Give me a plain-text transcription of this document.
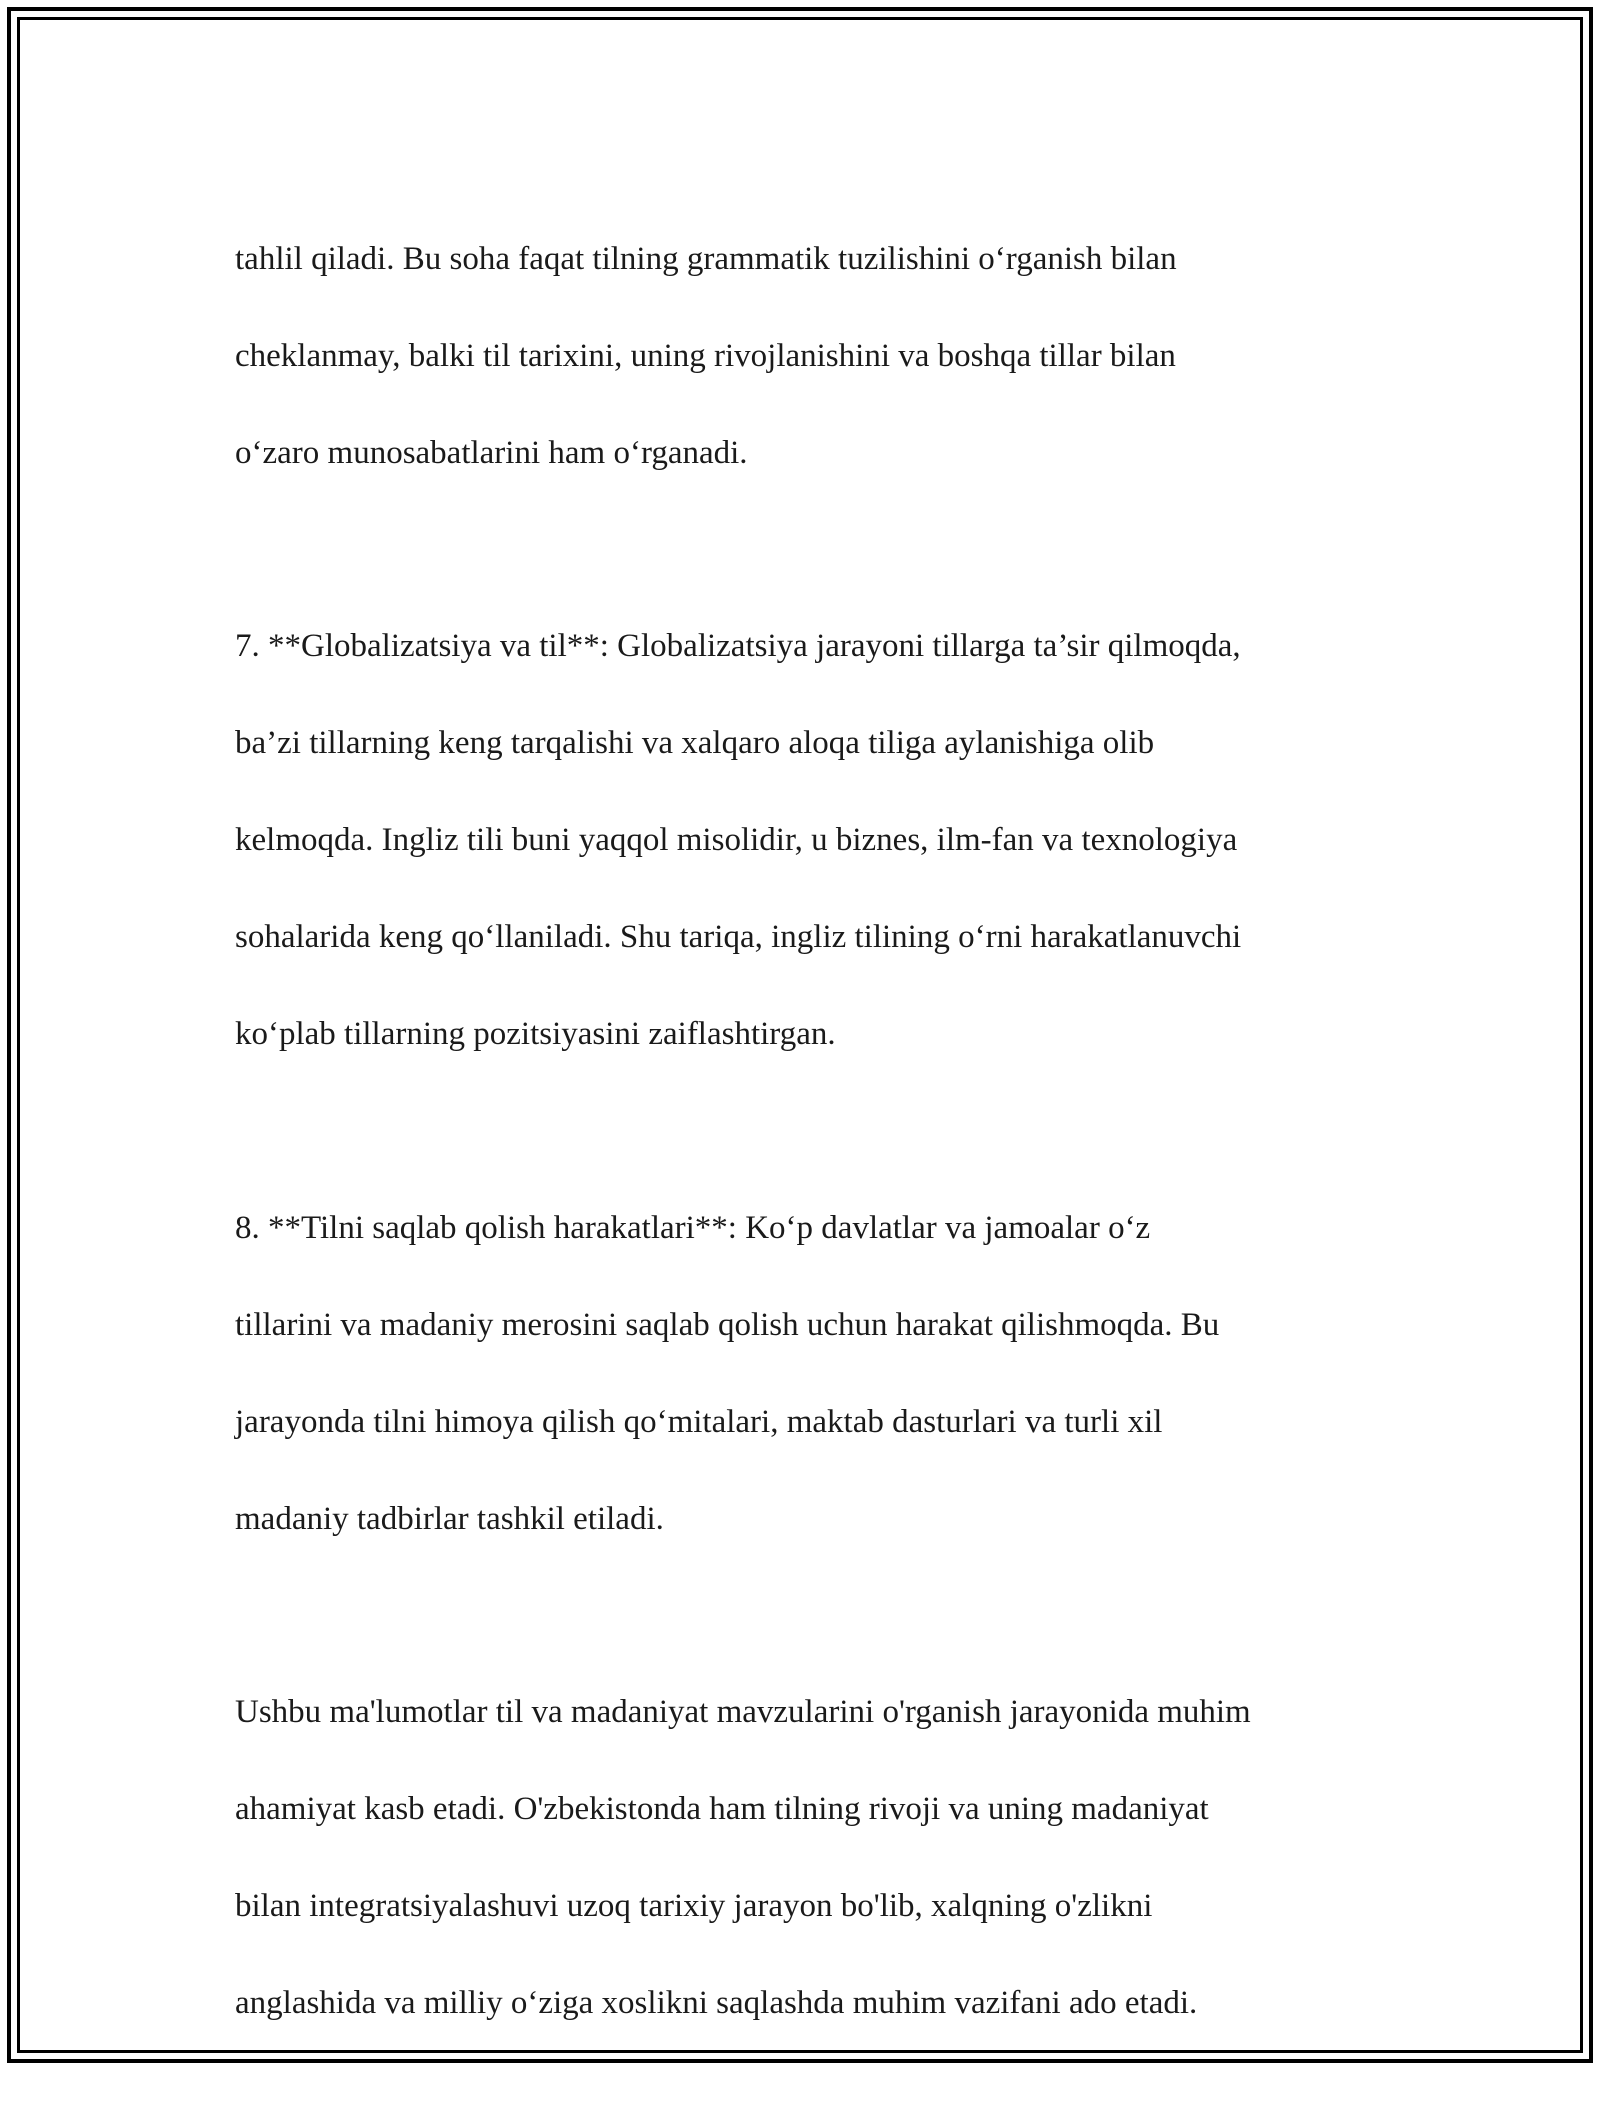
tahlil qiladi. Bu soha faqat tilning grammatik tuzilishini o‘rganish bilan

cheklanmay, balki til tarixini, uning rivojlanishini va boshqa tillar bilan

o‘zaro munosabatlarini ham o‘rganadi.

7. **Globalizatsiya va til**: Globalizatsiya jarayoni tillarga ta’sir qilmoqda,

ba’zi tillarning keng tarqalishi va xalqaro aloqa tiliga aylanishiga olib

kelmoqda. Ingliz tili buni yaqqol misolidir, u biznes, ilm-fan va texnologiya

sohalarida keng qo‘llaniladi. Shu tariqa, ingliz tilining o‘rni harakatlanuvchi

ko‘plab tillarning pozitsiyasini zaiflashtirgan.

8. **Tilni saqlab qolish harakatlari**: Ko‘p davlatlar va jamoalar o‘z

tillarini va madaniy merosini saqlab qolish uchun harakat qilishmoqda. Bu

jarayonda tilni himoya qilish qo‘mitalari, maktab dasturlari va turli xil

madaniy tadbirlar tashkil etiladi.

Ushbu ma'lumotlar til va madaniyat mavzularini o'rganish jarayonida muhim

ahamiyat kasb etadi. O'zbekistonda ham tilning rivoji va uning madaniyat

bilan integratsiyalashuvi uzoq tarixiy jarayon bo'lib, xalqning o'zlikni

anglashida va milliy o‘ziga xoslikni saqlashda muhim vazifani ado etadi.
